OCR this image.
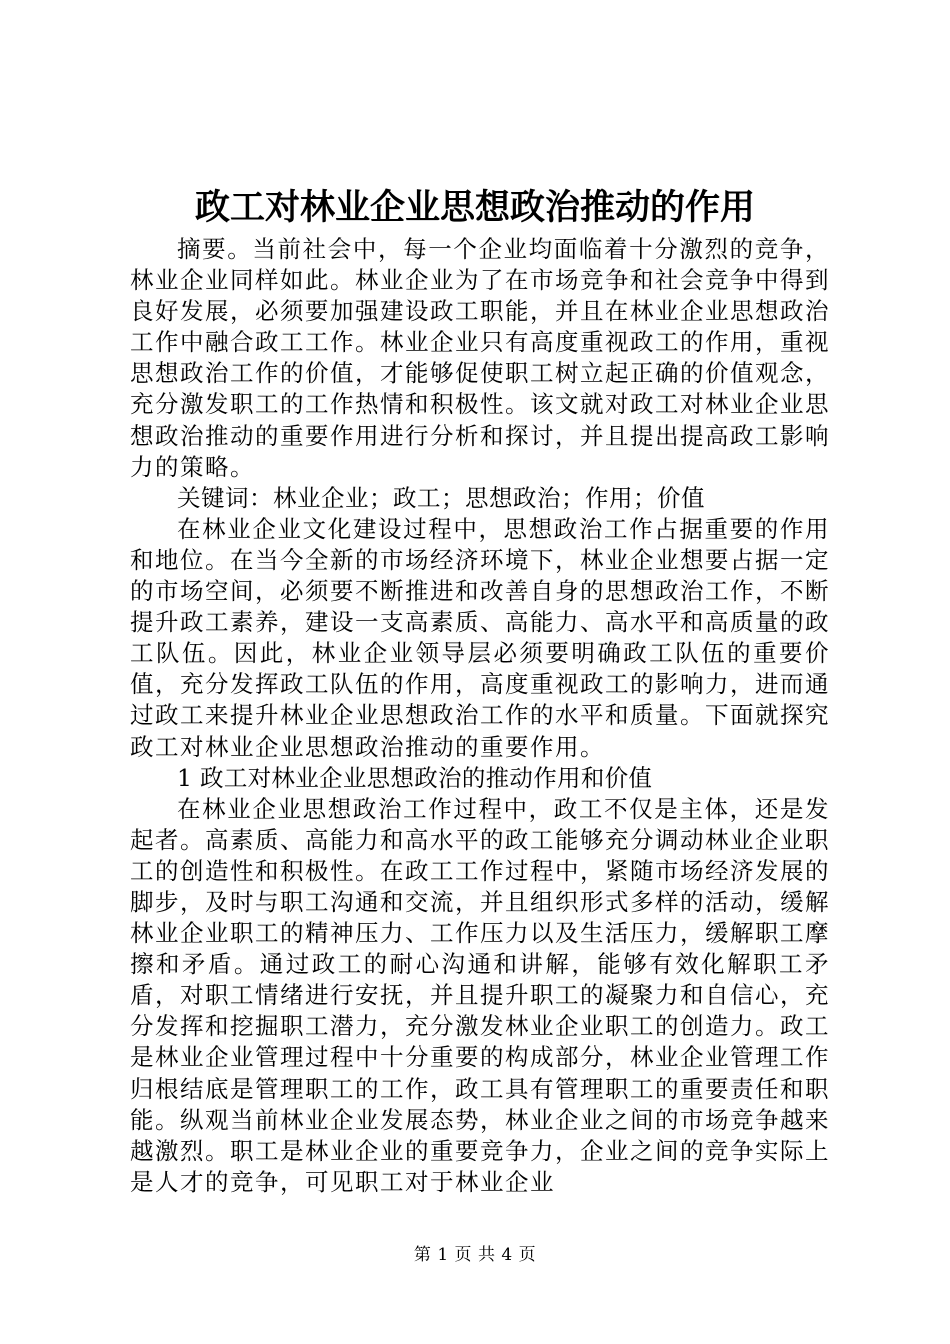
政工对林业企业思想政治推动的作用

摘要。当前社会中，每一个企业均面临着十分激烈的竞争，林业企业同样如此。林业企业为了在市场竞争和社会竞争中得到良好发展，必须要加强建设政工职能，并且在林业企业思想政治工作中融合政工工作。林业企业只有高度重视政工的作用，重视思想政治工作的价值，才能够促使职工树立起正确的价值观念，充分激发职工的工作热情和积极性。该文就对政工对林业企业思想政治推动的重要作用进行分析和探讨，并且提出提高政工影响力的策略。

关键词：林业企业；政工；思想政治；作用；价值

在林业企业文化建设过程中，思想政治工作占据重要的作用和地位。在当今全新的市场经济环境下，林业企业想要占据一定的市场空间，必须要不断推进和改善自身的思想政治工作，不断提升政工素养，建设一支高素质、高能力、高水平和高质量的政工队伍。因此，林业企业领导层必须要明确政工队伍的重要价值，充分发挥政工队伍的作用，高度重视政工的影响力，进而通过政工来提升林业企业思想政治工作的水平和质量。下面就探究政工对林业企业思想政治推动的重要作用。

1 政工对林业企业思想政治的推动作用和价值

在林业企业思想政治工作过程中，政工不仅是主体，还是发起者。高素质、高能力和高水平的政工能够充分调动林业企业职工的创造性和积极性。在政工工作过程中，紧随市场经济发展的脚步，及时与职工沟通和交流，并且组织形式多样的活动，缓解林业企业职工的精神压力、工作压力以及生活压力，缓解职工摩擦和矛盾。通过政工的耐心沟通和讲解，能够有效化解职工矛盾，对职工情绪进行安抚，并且提升职工的凝聚力和自信心，充分发挥和挖掘职工潜力，充分激发林业企业职工的创造力。政工是林业企业管理过程中十分重要的构成部分，林业企业管理工作归根结底是管理职工的工作，政工具有管理职工的重要责任和职能。纵观当前林业企业发展态势，林业企业之间的市场竞争越来越激烈。职工是林业企业的重要竞争力，企业之间的竞争实际上是人才的竞争，可见职工对于林业企业

第 1 页 共 4 页
